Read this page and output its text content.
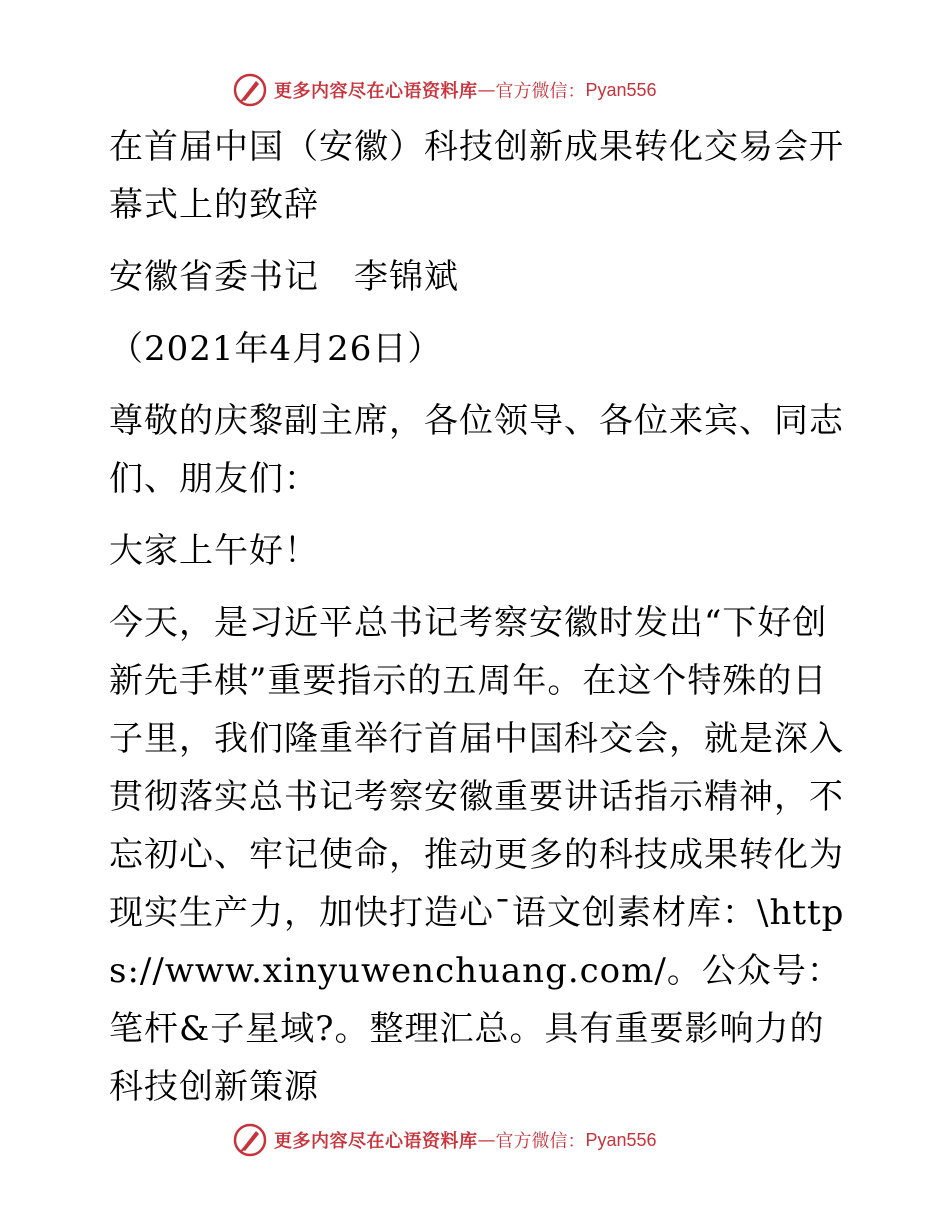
更多内容尽在心语资料库 — 官方微信： Pyan556

在首届中国（安徽）科技创新成果转化交易会开幕式上的致辞

安徽省委书记　李锦斌

（2021年4月26日）

尊敬的庆黎副主席，各位领导、各位来宾、同志们、朋友们：

大家上午好！

今天，是习近平总书记考察安徽时发出“下好创新先手棋”重要指示的五周年。在这个特殊的日子里，我们隆重举行首届中国科交会，就是深入贯彻落实总书记考察安徽重要讲话指示精神，不忘初心、牢记使命，推动更多的科技成果转化为现实生产力，加快打造心¯语文创素材库：\https://www.xinyuwenchuang.com/。公众号：笔杆&子星域?。整理汇总。具有重要影响力的科技创新策源

更多内容尽在心语资料库 — 官方微信： Pyan556
